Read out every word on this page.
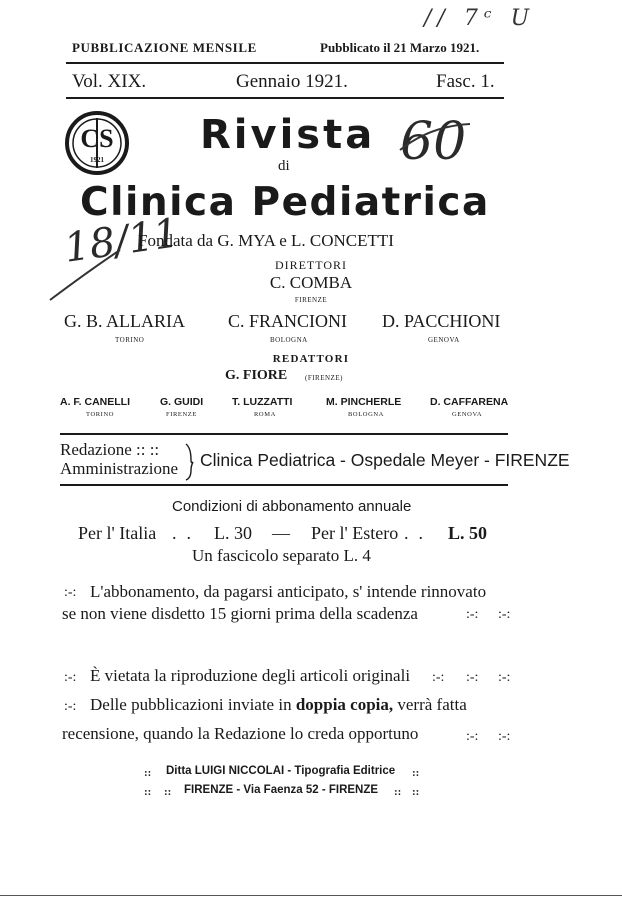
// 7ᶜ U
60
18/11
PUBBLICAZIONE MENSILE	Pubblicato il 21 Marzo 1921.
Vol. XIX.	Gennaio 1921.	Fasc. 1.
CS
1921
Rivista
di
Clinica Pediatrica
Fondata da G. MYA e L. CONCETTI
DIRETTORI
C. COMBA
FIRENZE
G. B. ALLARIA
TORINO
C. FRANCIONI
BOLOGNA
D. PACCHIONI
GENOVA
REDATTORI
G. FIORE	(FIRENZE)
A. F. CANELLI
TORINO
G. GUIDI
FIRENZE
T. LUZZATTI
ROMA
M. PINCHERLE
BOLOGNA
D. CAFFARENA
GENOVA
Redazione :: ::
Amministrazione Clinica Pediatrica - Ospedale Meyer - FIRENZE
Condizioni di abbonamento annuale
Per l' Italia .. L. 30 — Per l' Estero .. L. 50
Un fascicolo separato L. 4
:-: L'abbonamento, da pagarsi anticipato, s' intende rinnovato
se non viene disdetto 15 giorni prima della scadenza	:-: :-:
:-: È vietata la riproduzione degli articoli originali :-: :-: :-:
:-: Delle pubblicazioni inviate in doppia copia, verrà fatta
recensione, quando la Redazione lo creda opportuno	:-: :-:
:: Ditta LUIGI NICCOLAI - Tipografia Editrice ::
:: :: FIRENZE - Via Faenza 52 - FIRENZE :: ::
